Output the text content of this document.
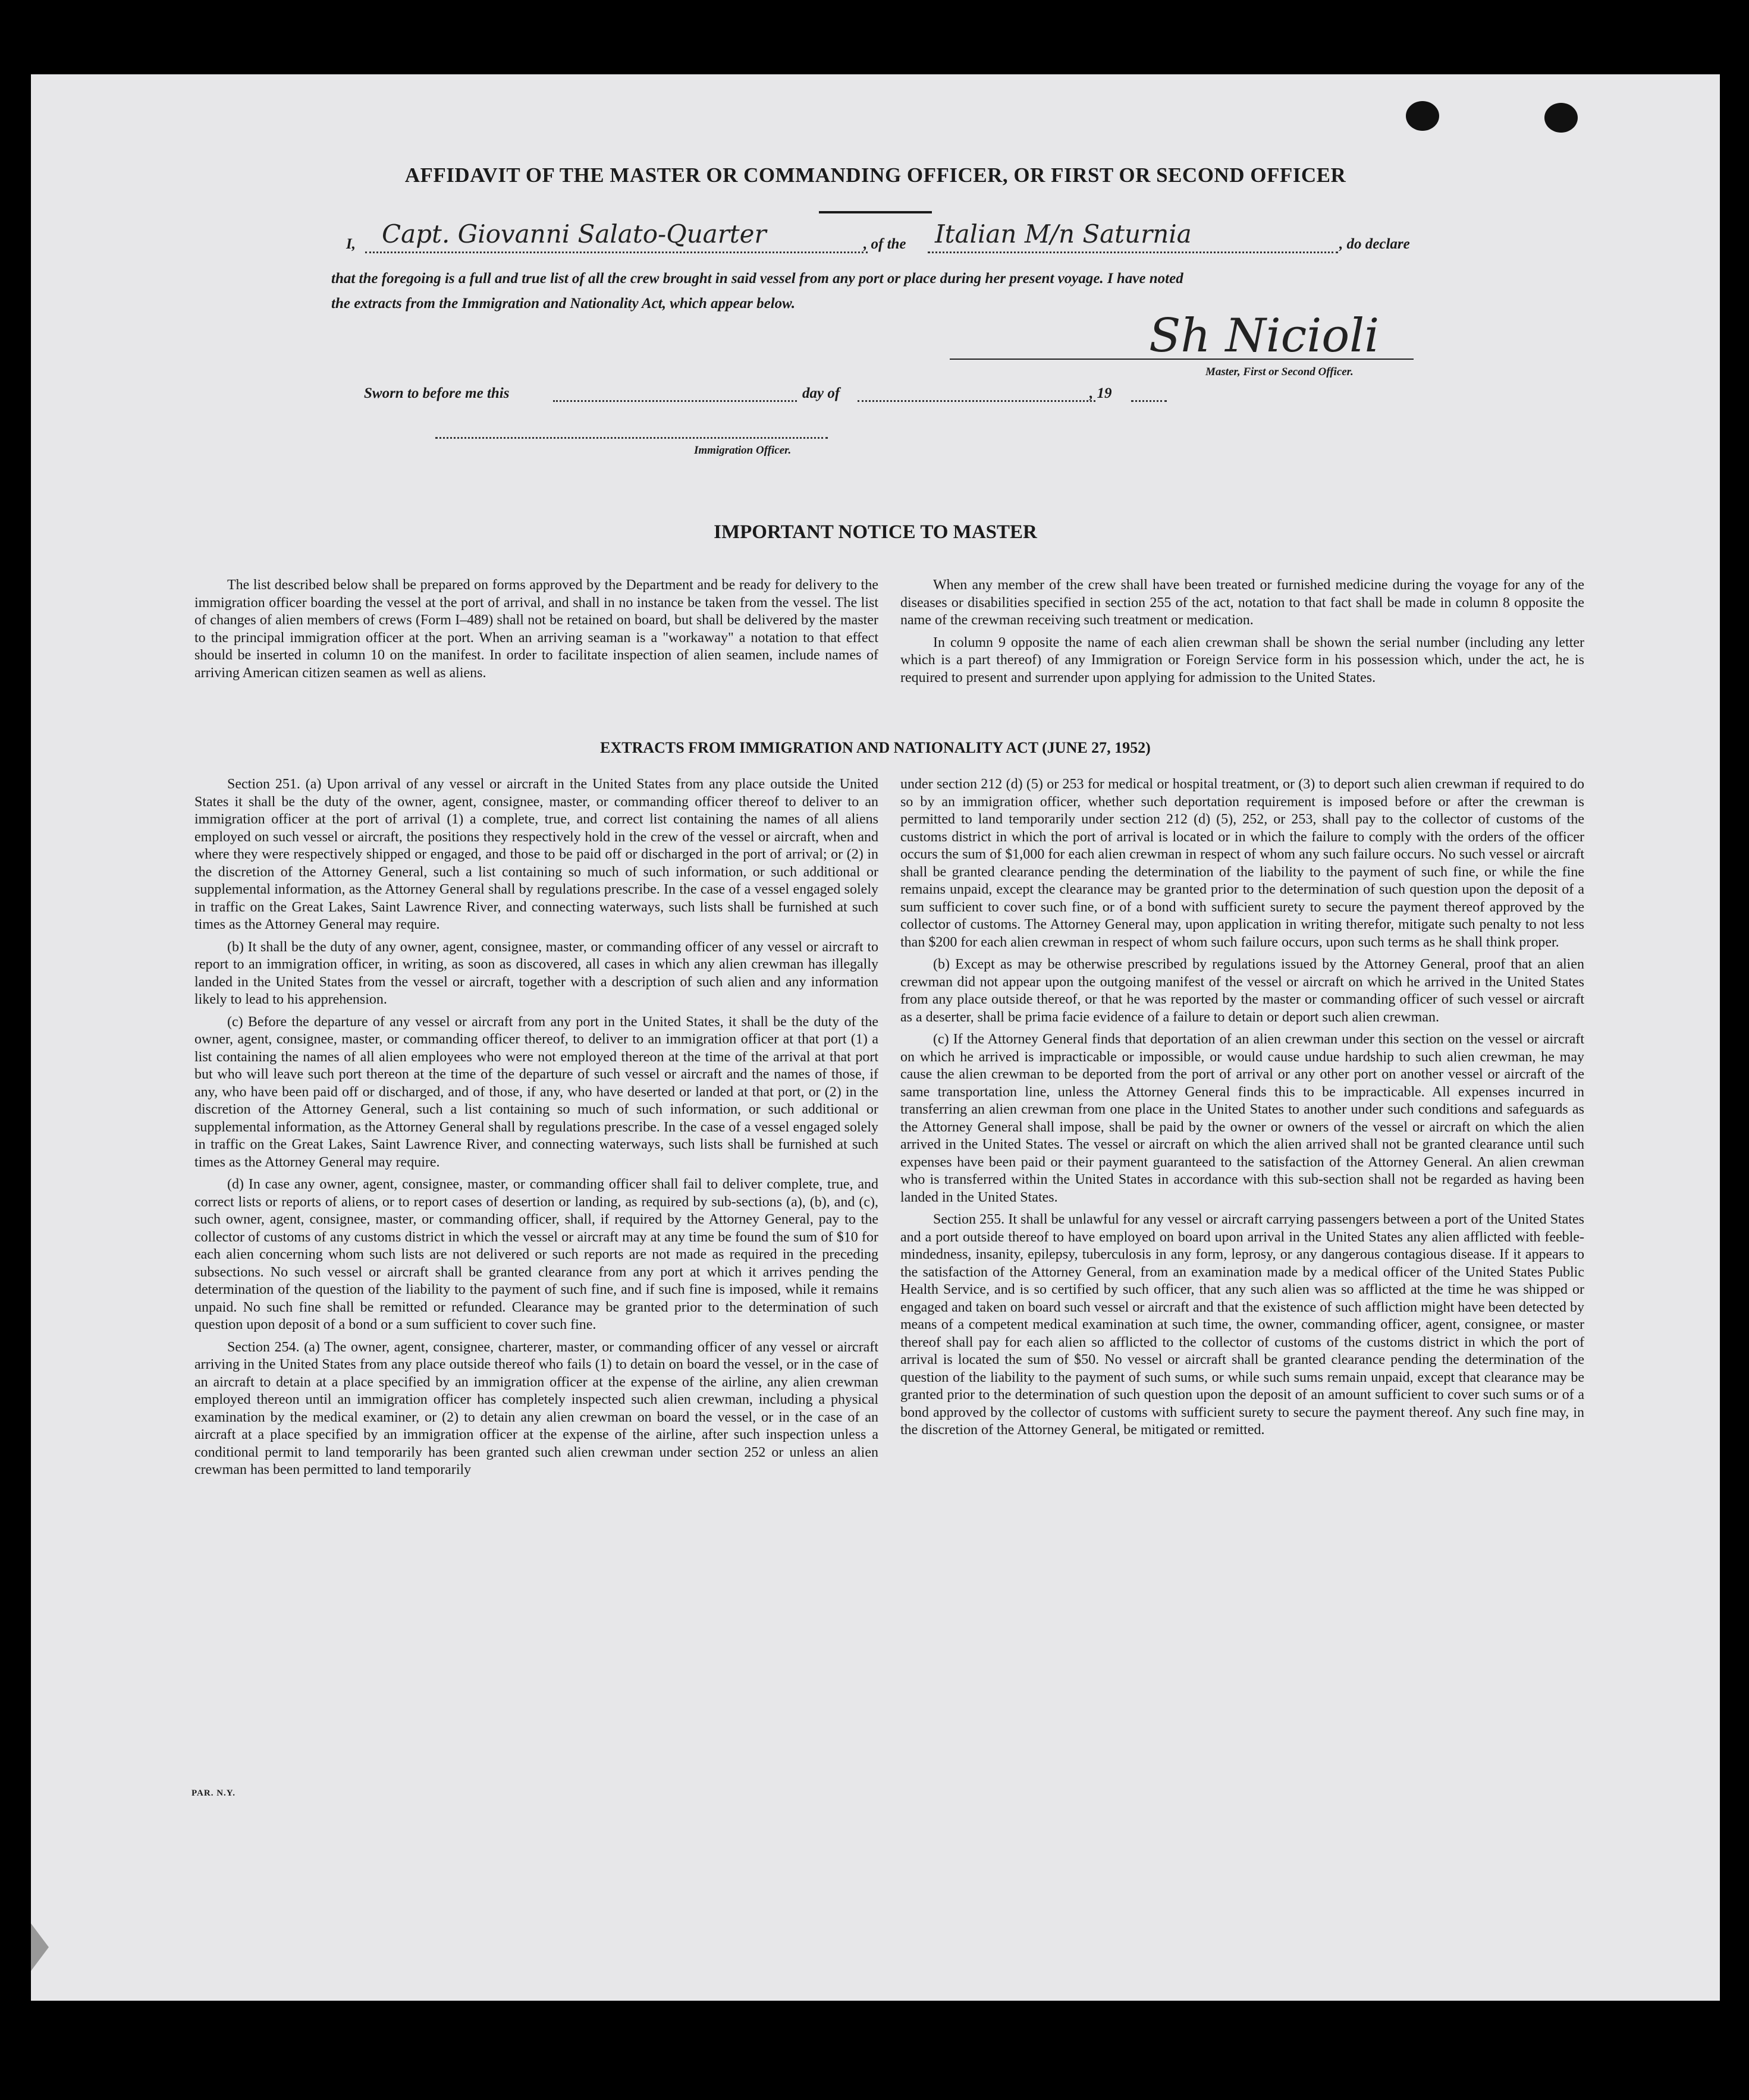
AFFIDAVIT OF THE MASTER OR COMMANDING OFFICER, OR FIRST OR SECOND OFFICER
I, Capt. Giovanni Salato-Quarter	, of the Italian M/n Saturnia	, do declare
that the foregoing is a full and true list of all the crew brought in said vessel from any port or place during her present voyage. I have noted
the extracts from the Immigration and Nationality Act, which appear below.
Sh Nicioli
Master, First or Second Officer.
Sworn to before me this	day of	, 19
Immigration Officer.
IMPORTANT NOTICE TO MASTER

The list described below shall be prepared on forms approved by the Department and be ready for delivery to the immigration officer boarding the vessel at the port of arrival, and shall in no instance be taken from the vessel. The list of changes of alien members of crews (Form I–489) shall not be retained on board, but shall be delivered by the master to the principal immigration officer at the port. When an arriving seaman is a "workaway" a notation to that effect should be inserted in column 10 on the manifest. In order to facilitate inspection of alien seamen, include names of arriving American citizen seamen as well as aliens.

When any member of the crew shall have been treated or furnished medicine during the voyage for any of the diseases or disabilities specified in section 255 of the act, notation to that fact shall be made in column 8 opposite the name of the crewman receiving such treatment or medication.

In column 9 opposite the name of each alien crewman shall be shown the serial number (including any letter which is a part thereof) of any Immigration or Foreign Service form in his possession which, under the act, he is required to present and surrender upon applying for admission to the United States.

EXTRACTS FROM IMMIGRATION AND NATIONALITY ACT (JUNE 27, 1952)

Section 251. (a) Upon arrival of any vessel or aircraft in the United States from any place outside the United States it shall be the duty of the owner, agent, consignee, master, or commanding officer thereof to deliver to an immigration officer at the port of arrival (1) a complete, true, and correct list containing the names of all aliens employed on such vessel or aircraft, the positions they respectively hold in the crew of the vessel or aircraft, when and where they were respectively shipped or engaged, and those to be paid off or discharged in the port of arrival; or (2) in the discretion of the Attorney General, such a list containing so much of such information, or such additional or supplemental information, as the Attorney General shall by regulations prescribe. In the case of a vessel engaged solely in traffic on the Great Lakes, Saint Lawrence River, and connecting waterways, such lists shall be furnished at such times as the Attorney General may require.

(b) It shall be the duty of any owner, agent, consignee, master, or commanding officer of any vessel or aircraft to report to an immigration officer, in writing, as soon as discovered, all cases in which any alien crewman has illegally landed in the United States from the vessel or aircraft, together with a description of such alien and any information likely to lead to his apprehension.

(c) Before the departure of any vessel or aircraft from any port in the United States, it shall be the duty of the owner, agent, consignee, master, or commanding officer thereof, to deliver to an immigration officer at that port (1) a list containing the names of all alien employees who were not employed thereon at the time of the arrival at that port but who will leave such port thereon at the time of the departure of such vessel or aircraft and the names of those, if any, who have been paid off or discharged, and of those, if any, who have deserted or landed at that port, or (2) in the discretion of the Attorney General, such a list containing so much of such information, or such additional or supplemental information, as the Attorney General shall by regulations prescribe. In the case of a vessel engaged solely in traffic on the Great Lakes, Saint Lawrence River, and connecting waterways, such lists shall be furnished at such times as the Attorney General may require.

(d) In case any owner, agent, consignee, master, or commanding officer shall fail to deliver complete, true, and correct lists or reports of aliens, or to report cases of desertion or landing, as required by sub-sections (a), (b), and (c), such owner, agent, consignee, master, or commanding officer, shall, if required by the Attorney General, pay to the collector of customs of any customs district in which the vessel or aircraft may at any time be found the sum of $10 for each alien concerning whom such lists are not delivered or such reports are not made as required in the preceding subsections. No such vessel or aircraft shall be granted clearance from any port at which it arrives pending the determination of the question of the liability to the payment of such fine, and if such fine is imposed, while it remains unpaid. No such fine shall be remitted or refunded. Clearance may be granted prior to the determination of such question upon deposit of a bond or a sum sufficient to cover such fine.

Section 254. (a) The owner, agent, consignee, charterer, master, or commanding officer of any vessel or aircraft arriving in the United States from any place outside thereof who fails (1) to detain on board the vessel, or in the case of an aircraft to detain at a place specified by an immigration officer at the expense of the airline, any alien crewman employed thereon until an immigration officer has completely inspected such alien crewman, including a physical examination by the medical examiner, or (2) to detain any alien crewman on board the vessel, or in the case of an aircraft at a place specified by an immigration officer at the expense of the airline, after such inspection unless a conditional permit to land temporarily has been granted such alien crewman under section 252 or unless an alien crewman has been permitted to land temporarily

under section 212 (d) (5) or 253 for medical or hospital treatment, or (3) to deport such alien crewman if required to do so by an immigration officer, whether such deportation requirement is imposed before or after the crewman is permitted to land temporarily under section 212 (d) (5), 252, or 253, shall pay to the collector of customs of the customs district in which the port of arrival is located or in which the failure to comply with the orders of the officer occurs the sum of $1,000 for each alien crewman in respect of whom any such failure occurs. No such vessel or aircraft shall be granted clearance pending the determination of the liability to the payment of such fine, or while the fine remains unpaid, except the clearance may be granted prior to the determination of such question upon the deposit of a sum sufficient to cover such fine, or of a bond with sufficient surety to secure the payment thereof approved by the collector of customs. The Attorney General may, upon application in writing therefor, mitigate such penalty to not less than $200 for each alien crewman in respect of whom such failure occurs, upon such terms as he shall think proper.

(b) Except as may be otherwise prescribed by regulations issued by the Attorney General, proof that an alien crewman did not appear upon the outgoing manifest of the vessel or aircraft on which he arrived in the United States from any place outside thereof, or that he was reported by the master or commanding officer of such vessel or aircraft as a deserter, shall be prima facie evidence of a failure to detain or deport such alien crewman.

(c) If the Attorney General finds that deportation of an alien crewman under this section on the vessel or aircraft on which he arrived is impracticable or impossible, or would cause undue hardship to such alien crewman, he may cause the alien crewman to be deported from the port of arrival or any other port on another vessel or aircraft of the same transportation line, unless the Attorney General finds this to be impracticable. All expenses incurred in transferring an alien crewman from one place in the United States to another under such conditions and safeguards as the Attorney General shall impose, shall be paid by the owner or owners of the vessel or aircraft on which the alien arrived in the United States. The vessel or aircraft on which the alien arrived shall not be granted clearance until such expenses have been paid or their payment guaranteed to the satisfaction of the Attorney General. An alien crewman who is transferred within the United States in accordance with this sub-section shall not be regarded as having been landed in the United States.

Section 255. It shall be unlawful for any vessel or aircraft carrying passengers between a port of the United States and a port outside thereof to have employed on board upon arrival in the United States any alien afflicted with feeble-mindedness, insanity, epilepsy, tuberculosis in any form, leprosy, or any dangerous contagious disease. If it appears to the satisfaction of the Attorney General, from an examination made by a medical officer of the United States Public Health Service, and is so certified by such officer, that any such alien was so afflicted at the time he was shipped or engaged and taken on board such vessel or aircraft and that the existence of such affliction might have been detected by means of a competent medical examination at such time, the owner, commanding officer, agent, consignee, or master thereof shall pay for each alien so afflicted to the collector of customs of the customs district in which the port of arrival is located the sum of $50. No vessel or aircraft shall be granted clearance pending the determination of the question of the liability to the payment of such sums, or while such sums remain unpaid, except that clearance may be granted prior to the determination of such question upon the deposit of an amount sufficient to cover such sums or of a bond approved by the collector of customs with sufficient surety to secure the payment thereof. Any such fine may, in the discretion of the Attorney General, be mitigated or remitted.

PAR. N.Y.
